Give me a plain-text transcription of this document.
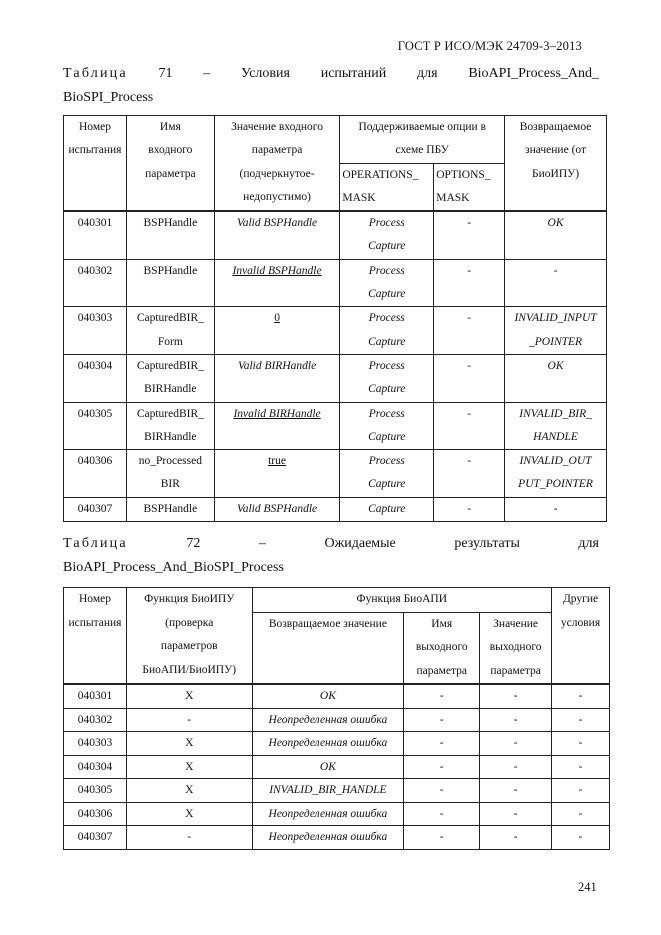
ГОСТ Р ИСО/МЭК 24709-3–2013
Таблица 71 – Условия испытаний для BioAPI_Process_And_
BioSPI_Process
Номер
испытания	Имя
входного
параметра	Значение входного
параметра
(подчеркнутое-
недопустимо)	Поддерживаемые опции в
схеме ПБУ		Возвращаемое
значение (от
БиоИПУ)
			OPERATIONS_
MASK	OPTIONS_
MASK	
040301	BSPHandle	Valid BSPHandle	Process
Capture	-	OK
040302	BSPHandle	Invalid BSPHandle	Process
Capture	-	-
040303	CapturedBIR_
Form	0	Process
Capture	-	INVALID_INPUT
_POINTER
040304	CapturedBIR_
BIRHandle	Valid BIRHandle	Process
Capture	-	OK
040305	CapturedBIR_
BIRHandle	Invalid BIRHandle	Process
Capture	-	INVALID_BIR_
HANDLE
040306	no_Processed
BIR	true	Process
Capture	-	INVALID_OUT
PUT_POINTER
040307	BSPHandle	Valid BSPHandle	Capture	-	-
Таблица	72	–	Ожидаемые	результаты	для
BioAPI_Process_And_BioSPI_Process
Номер
испытания	Функция БиоИПУ
(проверка
параметров
БиоАПИ/БиоИПУ)	Функция БиоАПИ			Другие
условия
		Возвращаемое значение	Имя
выходного
параметра	Значение
выходного
параметра	
040301	X	OK	-	-	-
040302	-	Неопределенная ошибка	-	-	-
040303	X	Неопределенная ошибка	-	-	-
040304	X	OK	-	-	-
040305	X	INVALID_BIR_HANDLE	-	-	-
040306	X	Неопределенная ошибка	-	-	-
040307	-	Неопределенная ошибка	-	-	-
241
